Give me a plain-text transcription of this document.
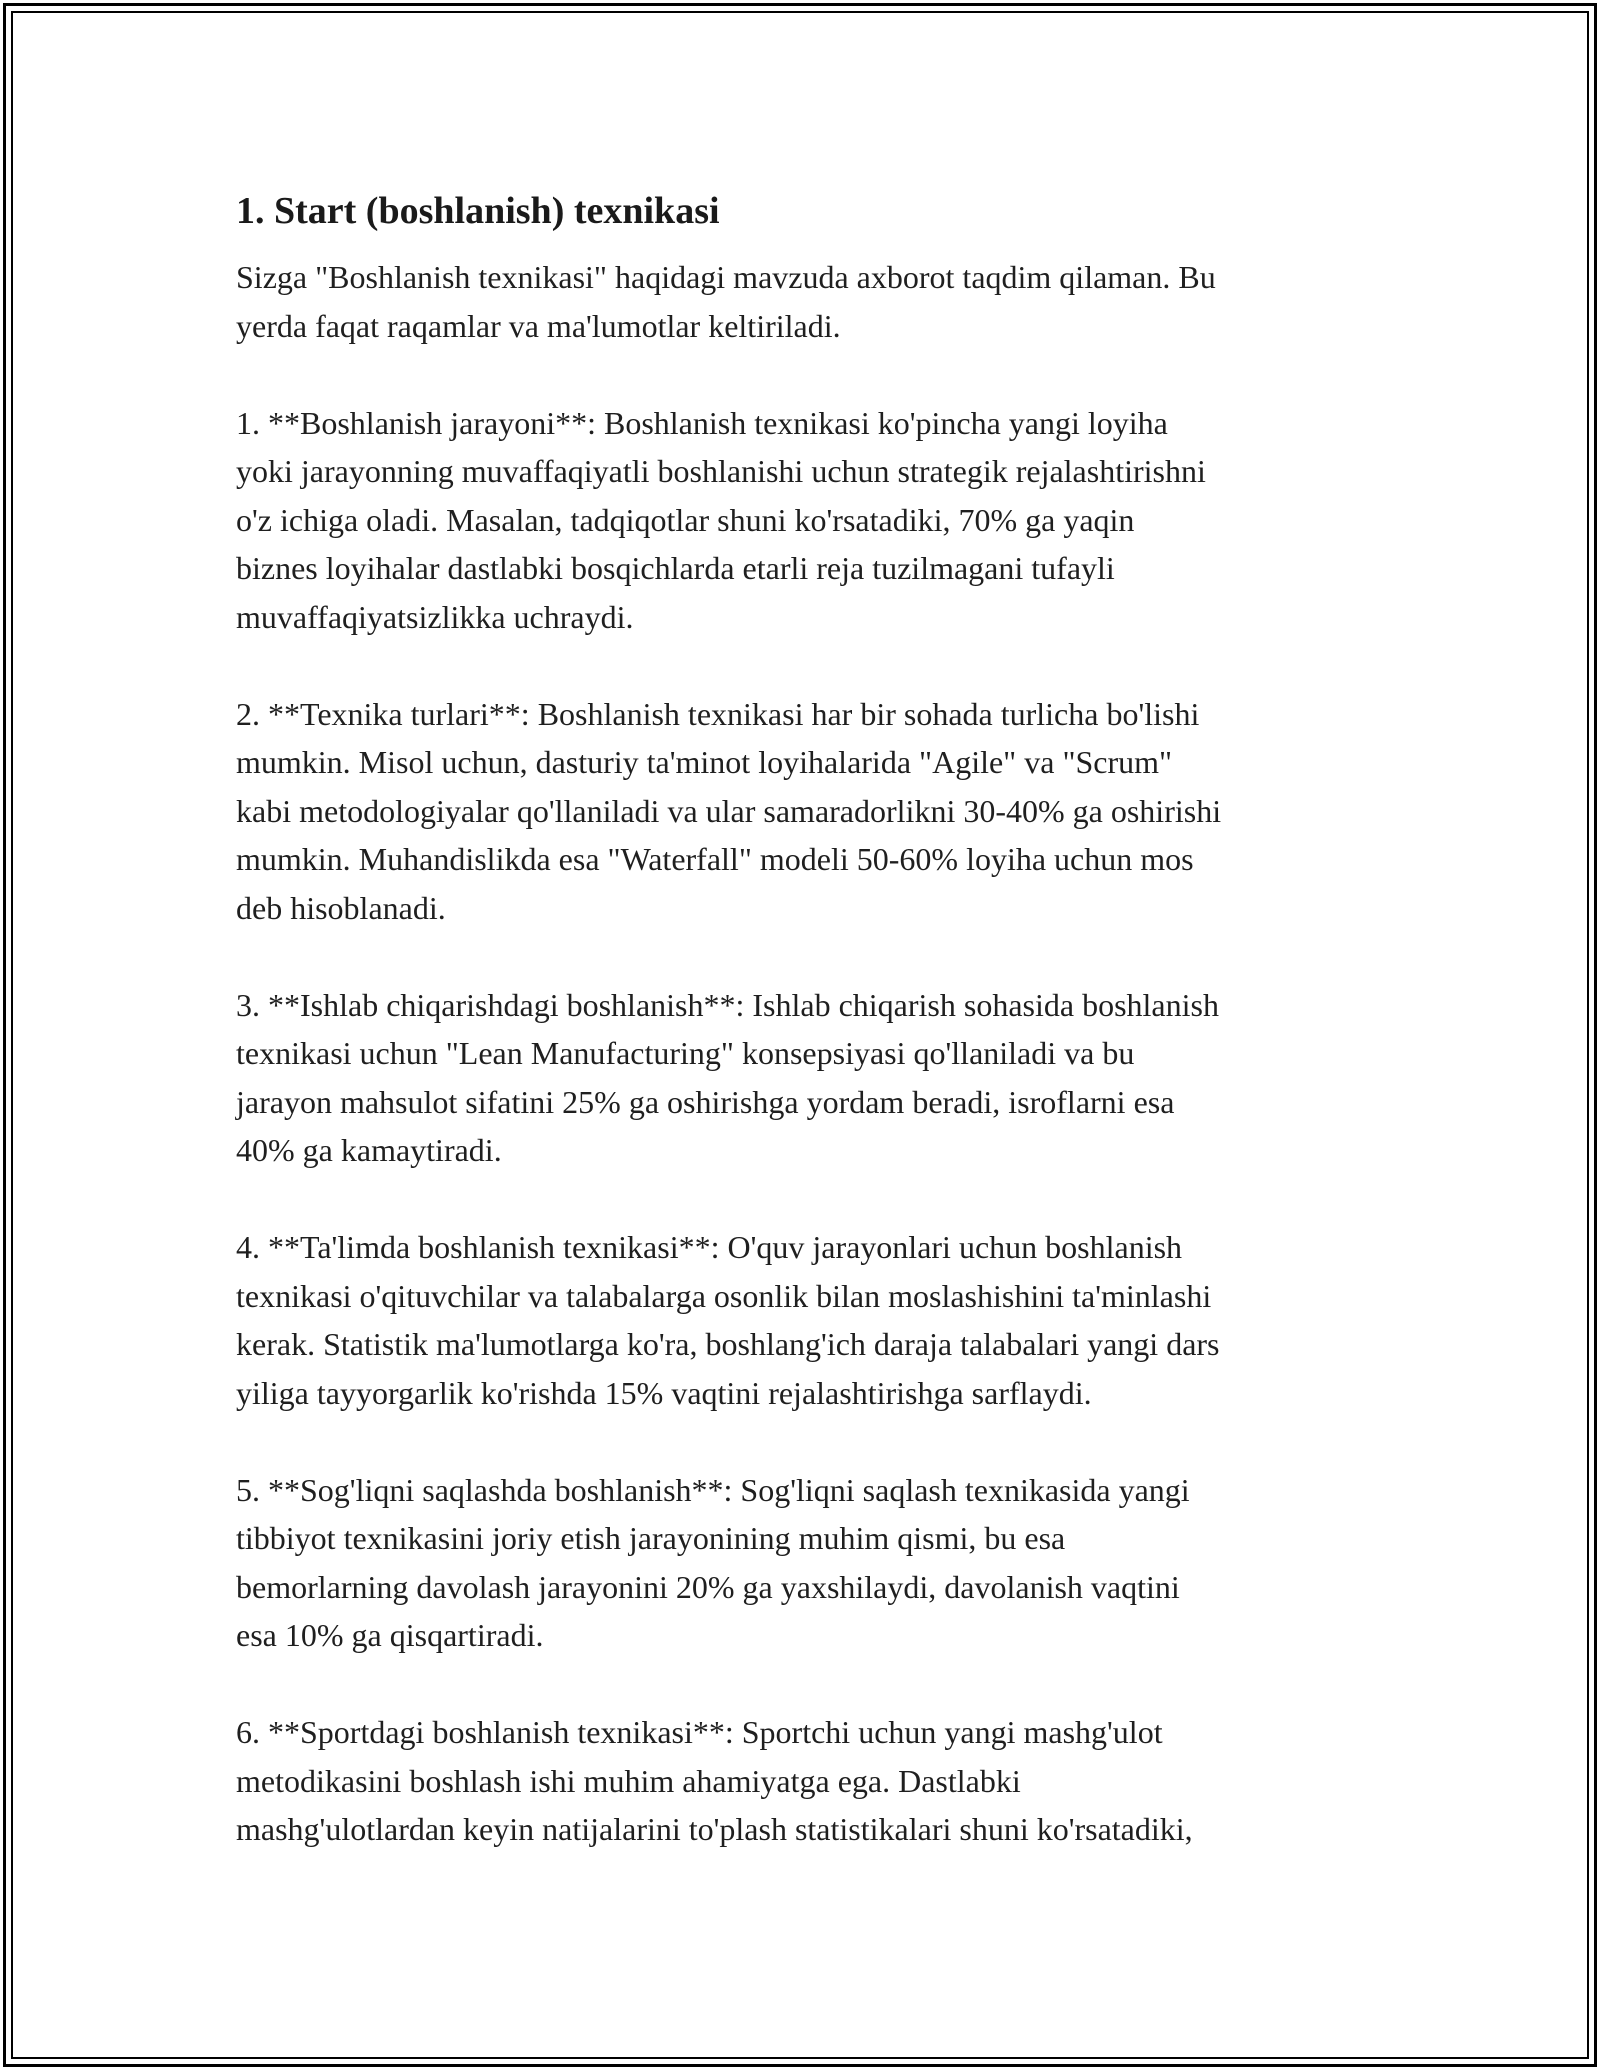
1. Start (boshlanish) texnikasi
Sizga "Boshlanish texnikasi" haqidagi mavzuda axborot taqdim qilaman. Bu
yerda faqat raqamlar va ma'lumotlar keltiriladi.
1. **Boshlanish jarayoni**: Boshlanish texnikasi ko'pincha yangi loyiha
yoki jarayonning muvaffaqiyatli boshlanishi uchun strategik rejalashtirishni
o'z ichiga oladi. Masalan, tadqiqotlar shuni ko'rsatadiki, 70% ga yaqin
biznes loyihalar dastlabki bosqichlarda etarli reja tuzilmagani tufayli
muvaffaqiyatsizlikka uchraydi.
2. **Texnika turlari**: Boshlanish texnikasi har bir sohada turlicha bo'lishi
mumkin. Misol uchun, dasturiy ta'minot loyihalarida "Agile" va "Scrum"
kabi metodologiyalar qo'llaniladi va ular samaradorlikni 30-40% ga oshirishi
mumkin. Muhandislikda esa "Waterfall" modeli 50-60% loyiha uchun mos
deb hisoblanadi.
3. **Ishlab chiqarishdagi boshlanish**: Ishlab chiqarish sohasida boshlanish
texnikasi uchun "Lean Manufacturing" konsepsiyasi qo'llaniladi va bu
jarayon mahsulot sifatini 25% ga oshirishga yordam beradi, isroflarni esa
40% ga kamaytiradi.
4. **Ta'limda boshlanish texnikasi**: O'quv jarayonlari uchun boshlanish
texnikasi o'qituvchilar va talabalarga osonlik bilan moslashishini ta'minlashi
kerak. Statistik ma'lumotlarga ko'ra, boshlang'ich daraja talabalari yangi dars
yiliga tayyorgarlik ko'rishda 15% vaqtini rejalashtirishga sarflaydi.
5. **Sog'liqni saqlashda boshlanish**: Sog'liqni saqlash texnikasida yangi
tibbiyot texnikasini joriy etish jarayonining muhim qismi, bu esa
bemorlarning davolash jarayonini 20% ga yaxshilaydi, davolanish vaqtini
esa 10% ga qisqartiradi.
6. **Sportdagi boshlanish texnikasi**: Sportchi uchun yangi mashg'ulot
metodikasini boshlash ishi muhim ahamiyatga ega. Dastlabki
mashg'ulotlardan keyin natijalarini to'plash statistikalari shuni ko'rsatadiki,
